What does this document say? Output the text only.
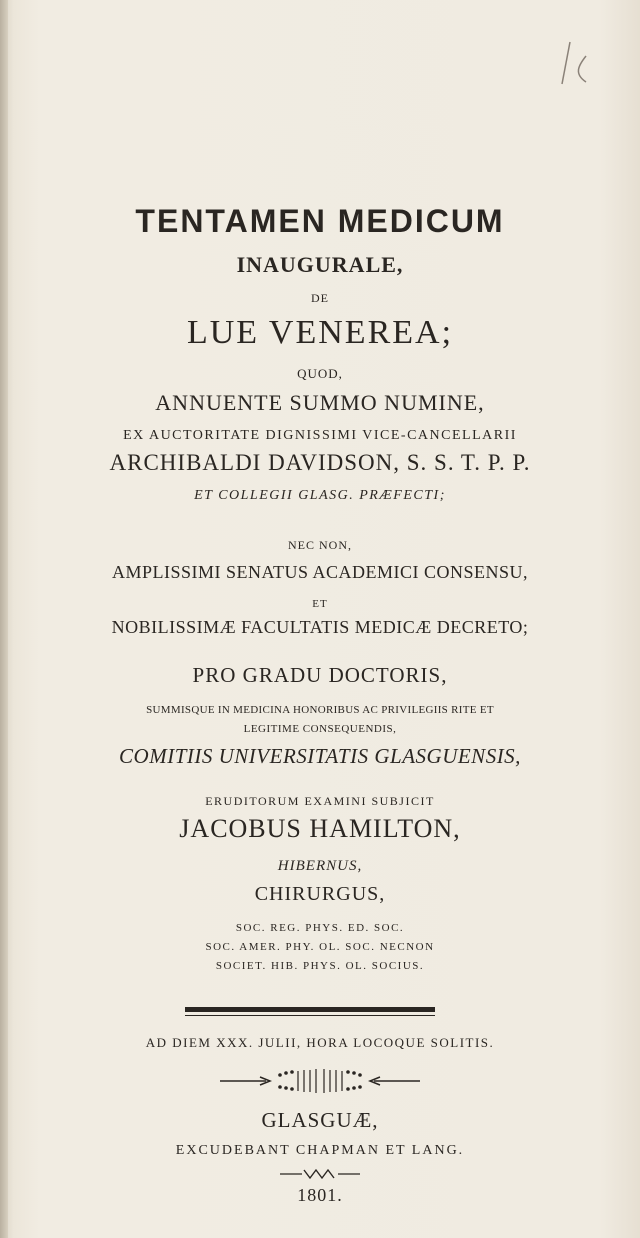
TENTAMEN MEDICUM
INAUGURALE,
DE
LUE VENEREA;
QUOD,
ANNUENTE SUMMO NUMINE,
EX AUCTORITATE DIGNISSIMI VICE-CANCELLARII
ARCHIBALDI DAVIDSON, S. S. T. P. P.
ET COLLEGII GLASG. PRÆFECTI;
NEC NON,
AMPLISSIMI SENATUS ACADEMICI CONSENSU,
ET
NOBILISSIMÆ FACULTATIS MEDICÆ DECRETO;
PRO GRADU DOCTORIS,
SUMMISQUE IN MEDICINA HONORIBUS AC PRIVILEGIIS RITE ET
LEGITIME CONSEQUENDIS,
COMITIIS UNIVERSITATIS GLASGUENSIS,
ERUDITORUM EXAMINI SUBJICIT
JACOBUS HAMILTON,
HIBERNUS,
CHIRURGUS,
SOC. REG. PHYS. ED. SOC.
SOC. AMER. PHY. OL. SOC. NECNON
SOCIET. HIB. PHYS. OL. SOCIUS.
AD DIEM XXX. JULII, HORA LOCOQUE SOLITIS.
GLASGUÆ,
EXCUDEBANT CHAPMAN ET LANG.
1801.
